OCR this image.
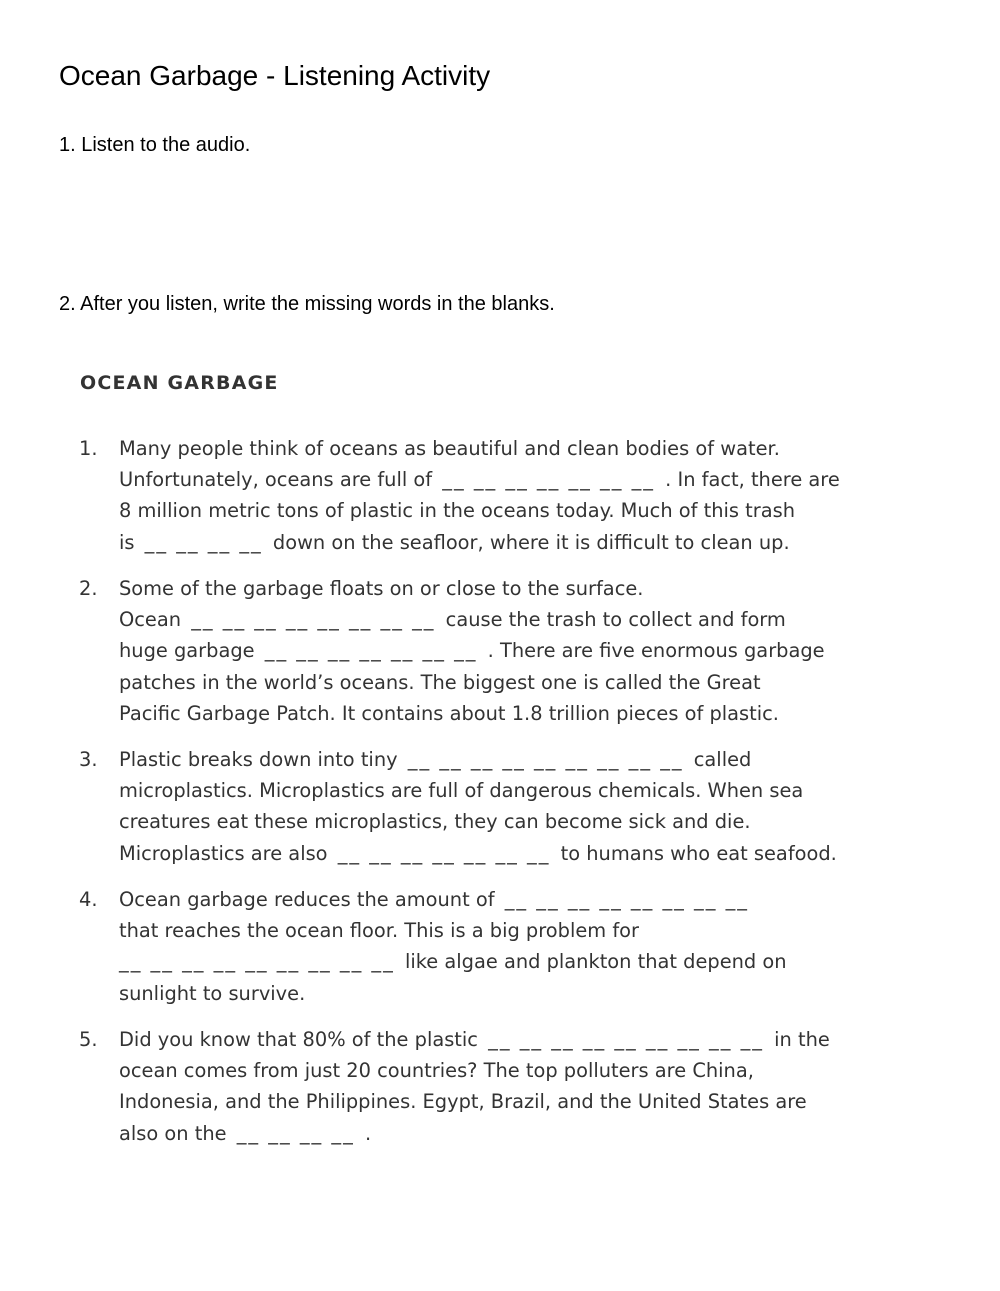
Ocean Garbage - Listening Activity

1. Listen to the audio.

2. After you listen, write the missing words in the blanks.

OCEAN GARBAGE
1. Many people think of oceans as beautiful and clean bodies of water.
Unfortunately, oceans are full of __ __ __ __ __ __ __ . In fact, there are
8 million metric tons of plastic in the oceans today. Much of this trash
is __ __ __ __ down on the seafloor, where it is difficult to clean up.
2. Some of the garbage floats on or close to the surface.
Ocean __ __ __ __ __ __ __ __ cause the trash to collect and form
huge garbage __ __ __ __ __ __ __ . There are five enormous garbage
patches in the world’s oceans. The biggest one is called the Great
Pacific Garbage Patch. It contains about 1.8 trillion pieces of plastic.
3. Plastic breaks down into tiny __ __ __ __ __ __ __ __ __ called
microplastics. Microplastics are full of dangerous chemicals. When sea
creatures eat these microplastics, they can become sick and die.
Microplastics are also __ __ __ __ __ __ __ to humans who eat seafood.
4. Ocean garbage reduces the amount of __ __ __ __ __ __ __ __
that reaches the ocean floor. This is a big problem for
__ __ __ __ __ __ __ __ __ like algae and plankton that depend on
sunlight to survive.
5. Did you know that 80% of the plastic __ __ __ __ __ __ __ __ __ in the
ocean comes from just 20 countries? The top polluters are China,
Indonesia, and the Philippines. Egypt, Brazil, and the United States are
also on the __ __ __ __ .
